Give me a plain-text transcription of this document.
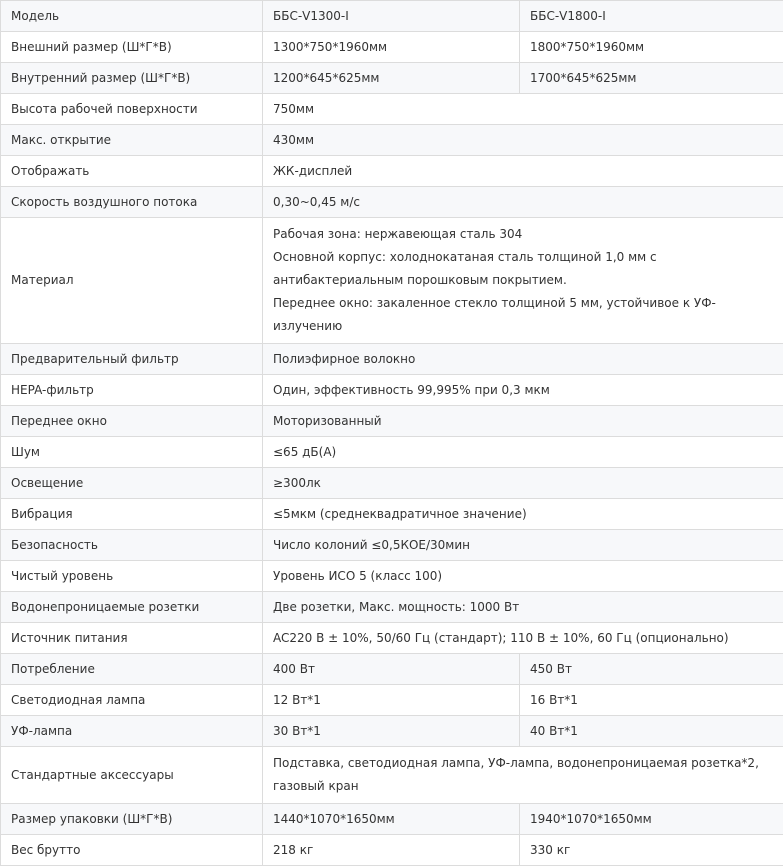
Модель	ББС-V1300-I	ББС-V1800-I
Внешний размер (Ш*Г*В)	1300*750*1960мм	1800*750*1960мм
Внутренний размер (Ш*Г*В)	1200*645*625мм	1700*645*625мм
Высота рабочей поверхности	750мм	
Макс. открытие	430мм	
Отображать	ЖК-дисплей	
Скорость воздушного потока	0,30~0,45 м/с	
Материал	Рабочая зона: нержавеющая сталь 304
Основной корпус: холоднокатаная сталь толщиной 1,0 мм с антибактериальным порошковым покрытием.
Переднее окно: закаленное стекло толщиной 5 мм, устойчивое к УФ-излучению	

Предварительный фильтр	Полиэфирное волокно	
HEPA-фильтр	Один, эффективность 99,995% при 0,3 мкм	
Переднее окно	Моторизованный	
Шум	≤65 дБ(A)	
Освещение	≥300лк	
Вибрация	≤5мкм (среднеквадратичное значение)	
Безопасность	Число колоний ≤0,5КОЕ/30мин	
Чистый уровень	Уровень ИСО 5 (класс 100)	
Водонепроницаемые розетки	Две розетки, Макс. мощность: 1000 Вт	
Источник питания	AC220 В ± 10%, 50/60 Гц (стандарт); 110 В ± 10%, 60 Гц (опционально)	
Потребление	400 Вт	450 Вт
Светодиодная лампа	12 Вт*1	16 Вт*1
УФ-лампа	30 Вт*1	40 Вт*1
Стандартные аксессуары	Подставка, светодиодная лампа, УФ-лампа, водонепроницаемая розетка*2, газовый кран	
Размер упаковки (Ш*Г*В)	1440*1070*1650мм	1940*1070*1650мм
Вес брутто	218 кг	330 кг
